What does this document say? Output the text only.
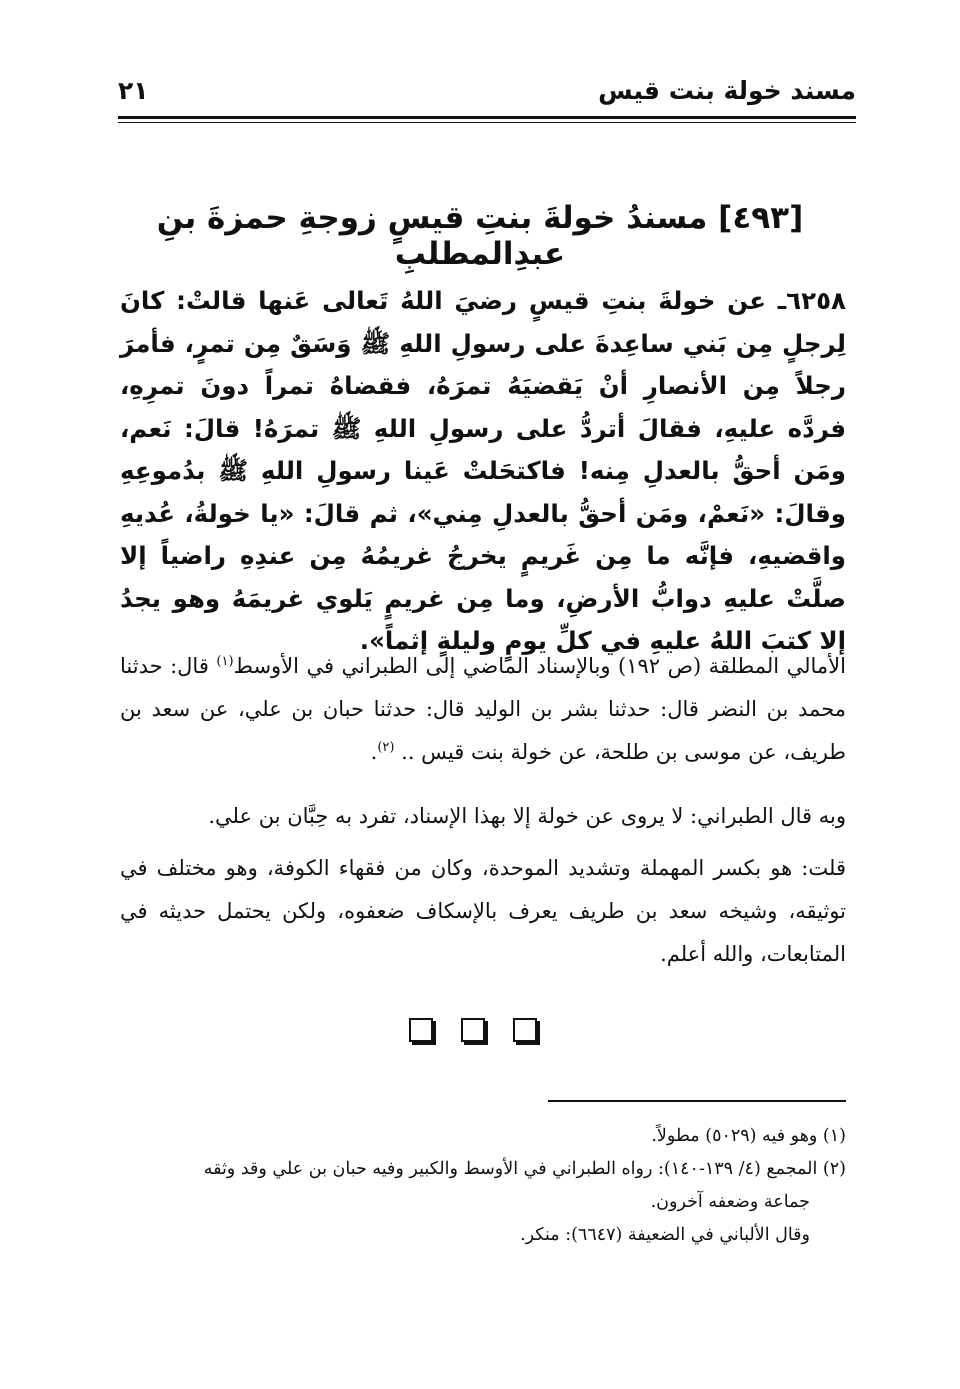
مسند خولة بنت قيس
٢١
[٤٩٣] مسندُ خولةَ بنتِ قيسٍ زوجةِ حمزةَ بنِ عبدِالمطلبِ
٦٢٥٨ـ عن خولةَ بنتِ قيسٍ رضيَ اللهُ تَعالى عَنها قالتْ: كانَ لِرجلٍ مِن بَني ساعِدةَ على رسولِ اللهِ ﷺ وَسَقٌ مِن تمرٍ، فأمرَ رجلاً مِن الأنصارِ أنْ يَقضيَهُ تمرَهُ، فقضاهُ تمراً دونَ تمرِهِ، فردَّه عليهِ، فقالَ أتردُّ على رسولِ اللهِ ﷺ تمرَهُ! قالَ: نَعم، ومَن أحقُّ بالعدلِ مِنه! فاكتحَلتْ عَينا رسولِ اللهِ ﷺ بدُموعِهِ وقالَ: «نَعمْ، ومَن أحقُّ بالعدلِ مِني»، ثم قالَ: «يا خولةُ، عُديهِ واقضيهِ، فإنَّه ما مِن غَريمٍ يخرجُ غريمُهُ مِن عندِهِ راضياً إلا صلَّتْ عليهِ دوابُّ الأرضِ، وما مِن غريمٍ يَلوي غريمَهُ وهو يجدُ إلا كتبَ اللهُ عليهِ في كلِّ يومٍ وليلةٍ إثماً».
الأمالي المطلقة (ص ١٩٢) وبالإسناد الماضي إلى الطبراني في الأوسط$^{(١)}$ قال: حدثنا محمد بن النضر قال: حدثنا بشر بن الوليد قال: حدثنا حبان بن علي، عن سعد بن طريف، عن موسى بن طلحة، عن خولة بنت قيس .. $^{(٢)}$.
وبه قال الطبراني: لا يروى عن خولة إلا بهذا الإسناد، تفرد به حِبَّان بن علي.
قلت: هو بكسر المهملة وتشديد الموحدة، وكان من فقهاء الكوفة، وهو مختلف في توثيقه، وشيخه سعد بن طريف يعرف بالإسكاف ضعفوه، ولكن يحتمل حديثه في المتابعات، والله أعلم.

(١) وهو فيه (٥٠٢٩) مطولاً.

(٢) المجمع (٤/ ١٣٩-١٤٠): رواه الطبراني في الأوسط والكبير وفيه حبان بن علي وقد وثقه

جماعة وضعفه آخرون.

وقال الألباني في الضعيفة (٦٦٤٧): منكر.
